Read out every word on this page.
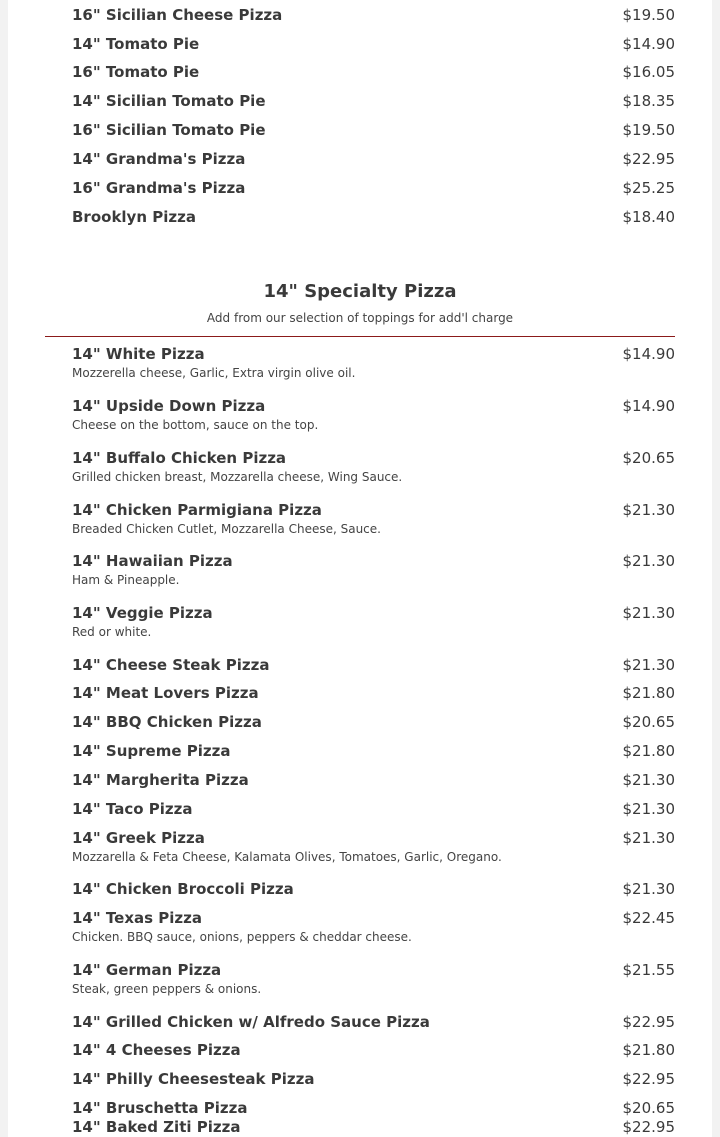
16" Sicilian Cheese Pizza	$19.50
14" Tomato Pie	$14.90
16" Tomato Pie	$16.05
14" Sicilian Tomato Pie	$18.35
16" Sicilian Tomato Pie	$19.50
14" Grandma's Pizza	$22.95
16" Grandma's Pizza	$25.25
Brooklyn Pizza	$18.40
14" Specialty Pizza
Add from our selection of toppings for add'l charge
14" White Pizza	$14.90
Mozzerella cheese, Garlic, Extra virgin olive oil.
14" Upside Down Pizza	$14.90
Cheese on the bottom, sauce on the top.
14" Buffalo Chicken Pizza	$20.65
Grilled chicken breast, Mozzarella cheese, Wing Sauce.
14" Chicken Parmigiana Pizza	$21.30
Breaded Chicken Cutlet, Mozzarella Cheese, Sauce.
14" Hawaiian Pizza	$21.30
Ham & Pineapple.
14" Veggie Pizza	$21.30
Red or white.
14" Cheese Steak Pizza	$21.30
14" Meat Lovers Pizza	$21.80
14" BBQ Chicken Pizza	$20.65
14" Supreme Pizza	$21.80
14" Margherita Pizza	$21.30
14" Taco Pizza	$21.30
14" Greek Pizza	$21.30
Mozzarella & Feta Cheese, Kalamata Olives, Tomatoes, Garlic, Oregano.
14" Chicken Broccoli Pizza	$21.30
14" Texas Pizza	$22.45
Chicken. BBQ sauce, onions, peppers & cheddar cheese.
14" German Pizza	$21.55
Steak, green peppers & onions.
14" Grilled Chicken w/ Alfredo Sauce Pizza	$22.95
14" 4 Cheeses Pizza	$21.80
14" Philly Cheesesteak Pizza	$22.95
14" Bruschetta Pizza	$20.65
14" Baked Ziti Pizza	$22.95
